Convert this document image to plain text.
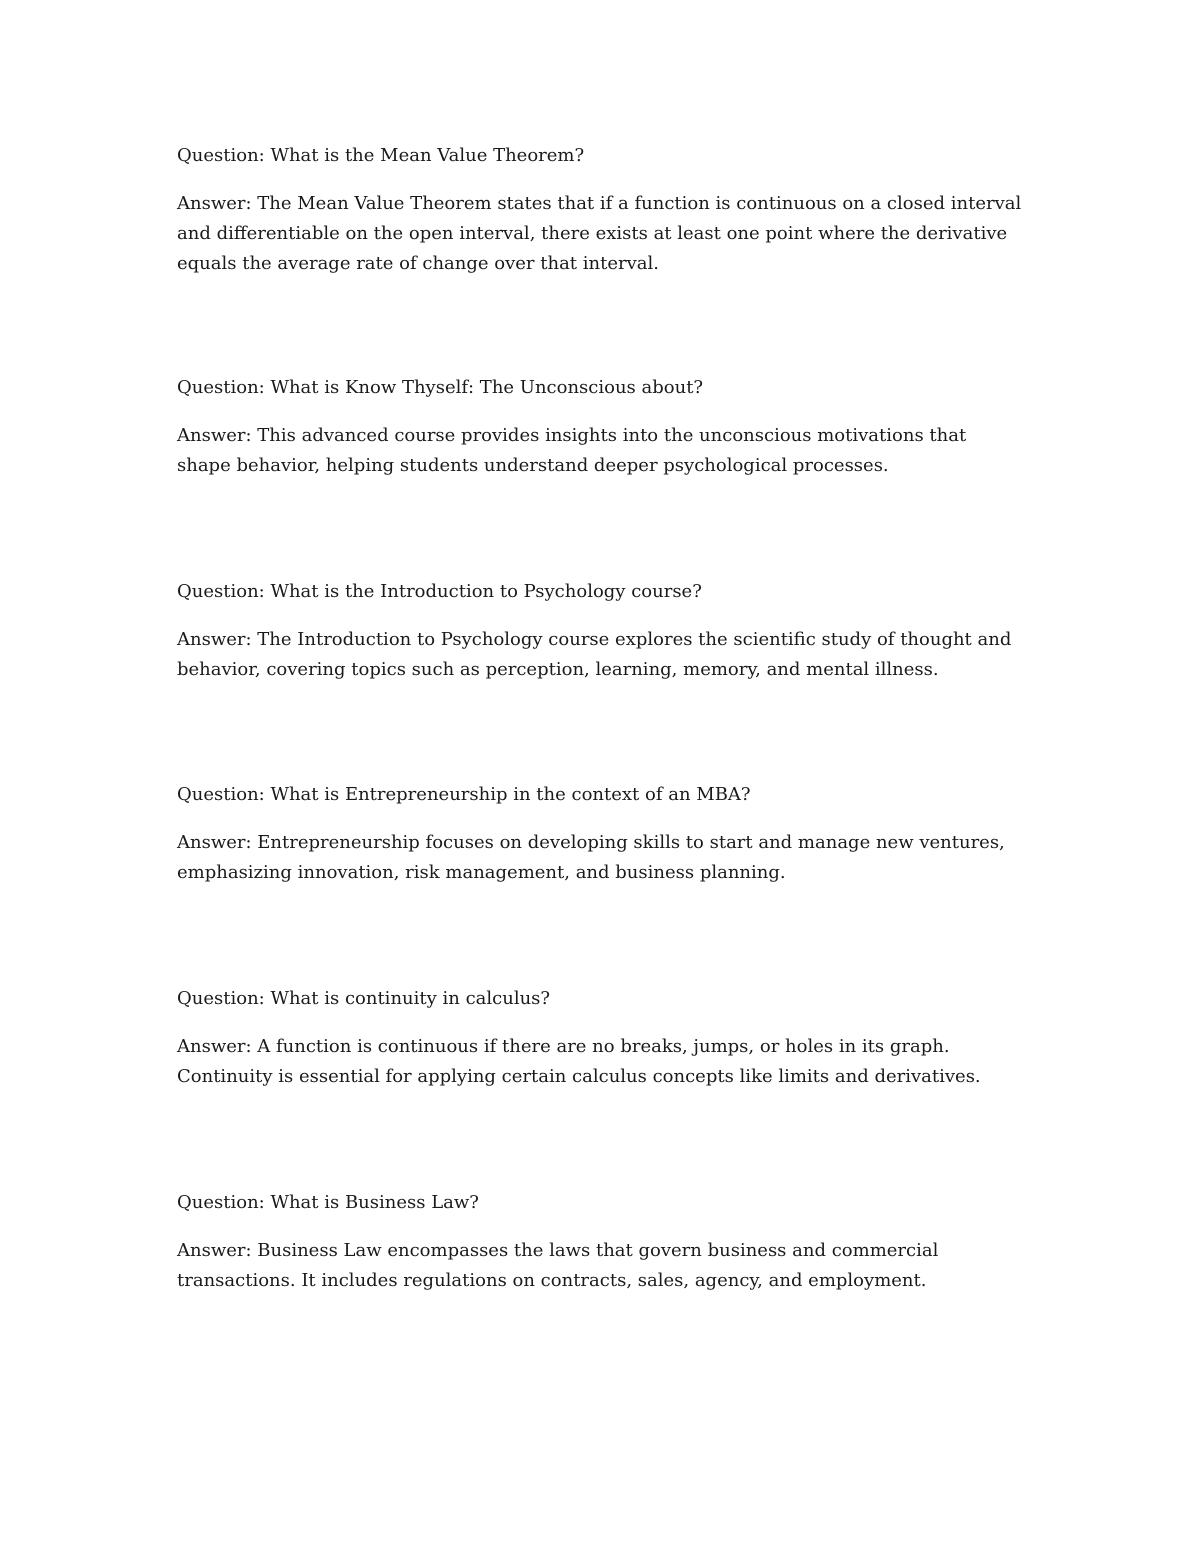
Question: What is the Mean Value Theorem?

Answer: The Mean Value Theorem states that if a function is continuous on a closed interval
and differentiable on the open interval, there exists at least one point where the derivative
equals the average rate of change over that interval.

Question: What is Know Thyself: The Unconscious about?

Answer: This advanced course provides insights into the unconscious motivations that
shape behavior, helping students understand deeper psychological processes.

Question: What is the Introduction to Psychology course?

Answer: The Introduction to Psychology course explores the scientific study of thought and
behavior, covering topics such as perception, learning, memory, and mental illness.

Question: What is Entrepreneurship in the context of an MBA?

Answer: Entrepreneurship focuses on developing skills to start and manage new ventures,
emphasizing innovation, risk management, and business planning.

Question: What is continuity in calculus?

Answer: A function is continuous if there are no breaks, jumps, or holes in its graph.
Continuity is essential for applying certain calculus concepts like limits and derivatives.

Question: What is Business Law?

Answer: Business Law encompasses the laws that govern business and commercial
transactions. It includes regulations on contracts, sales, agency, and employment.
